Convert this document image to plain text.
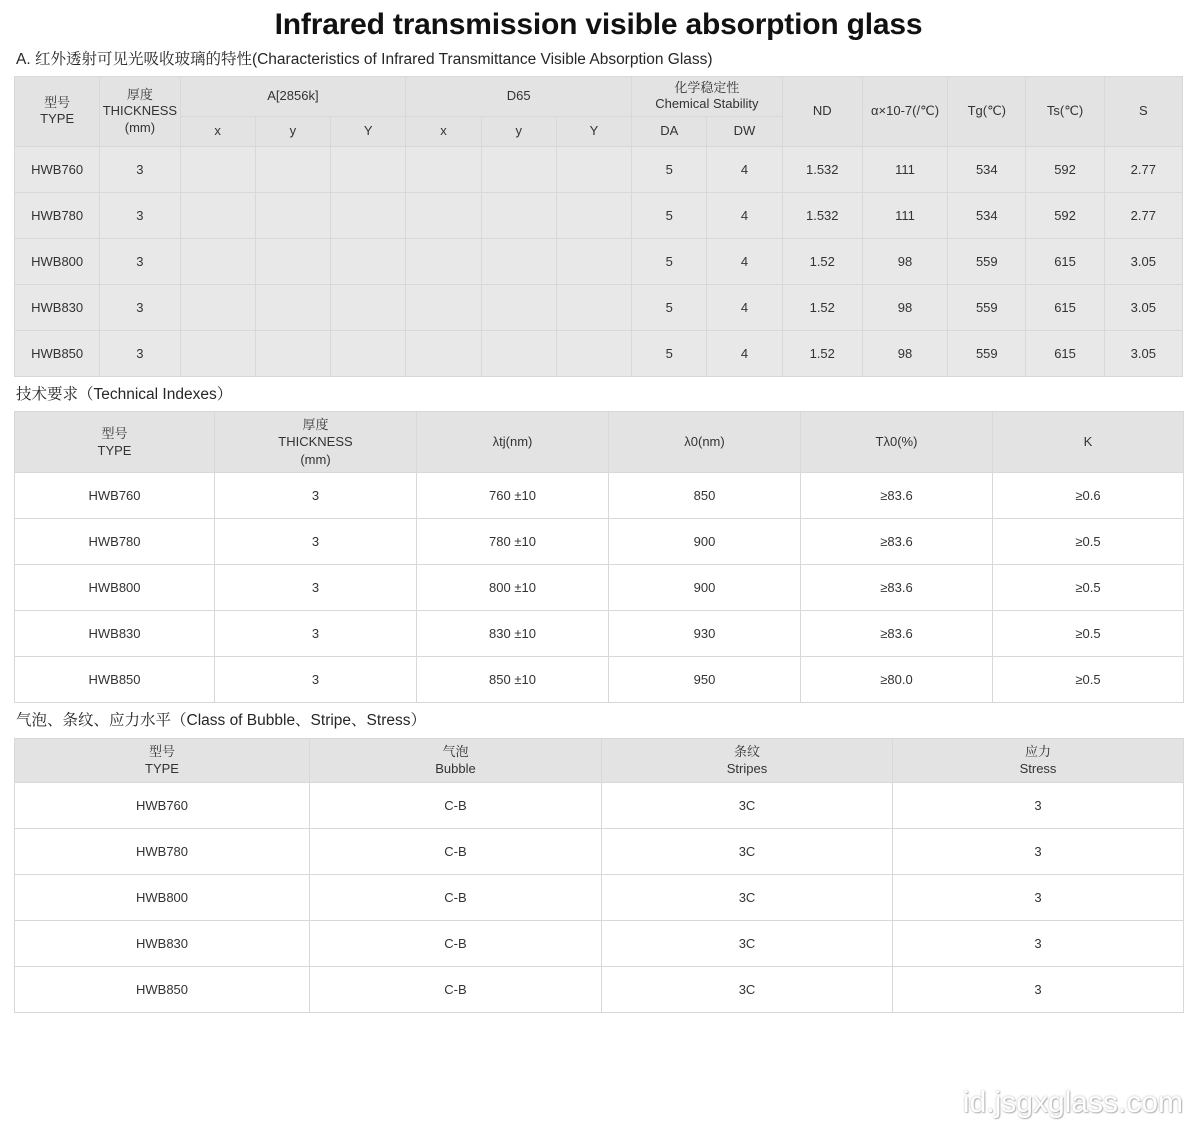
Infrared transmission visible absorption glass
A. 红外透射可见光吸收玻璃的特性(Characteristics of Infrared Transmittance Visible Absorption Glass)
型号
TYPE	厚度
THICKNESS
(mm)	A[2856k]			D65			化学稳定性
Chemical Stability		ND	α×10-7(/℃)	Tg(℃)	Ts(℃)	S
		x	y	Y	x	y	Y	DA	DW					
HWB760	3							5	4	1.532	111	534	592	2.77
HWB780	3							5	4	1.532	111	534	592	2.77
HWB800	3							5	4	1.52	98	559	615	3.05
HWB830	3							5	4	1.52	98	559	615	3.05
HWB850	3							5	4	1.52	98	559	615	3.05
技术要求（Technical Indexes）
型号
TYPE	厚度
THICKNESS
(mm)	λtj(nm)	λ0(nm)	Tλ0(%)	K
HWB760	3	760 ±10	850	≥83.6	≥0.6
HWB780	3	780 ±10	900	≥83.6	≥0.5
HWB800	3	800 ±10	900	≥83.6	≥0.5
HWB830	3	830 ±10	930	≥83.6	≥0.5
HWB850	3	850 ±10	950	≥80.0	≥0.5
气泡、条纹、应力水平（Class of Bubble、Stripe、Stress）
型号
TYPE	气泡
Bubble	条纹
Stripes	应力
Stress
HWB760	C-B	3C	3
HWB780	C-B	3C	3
HWB800	C-B	3C	3
HWB830	C-B	3C	3
HWB850	C-B	3C	3
id.jsgxglass.com
